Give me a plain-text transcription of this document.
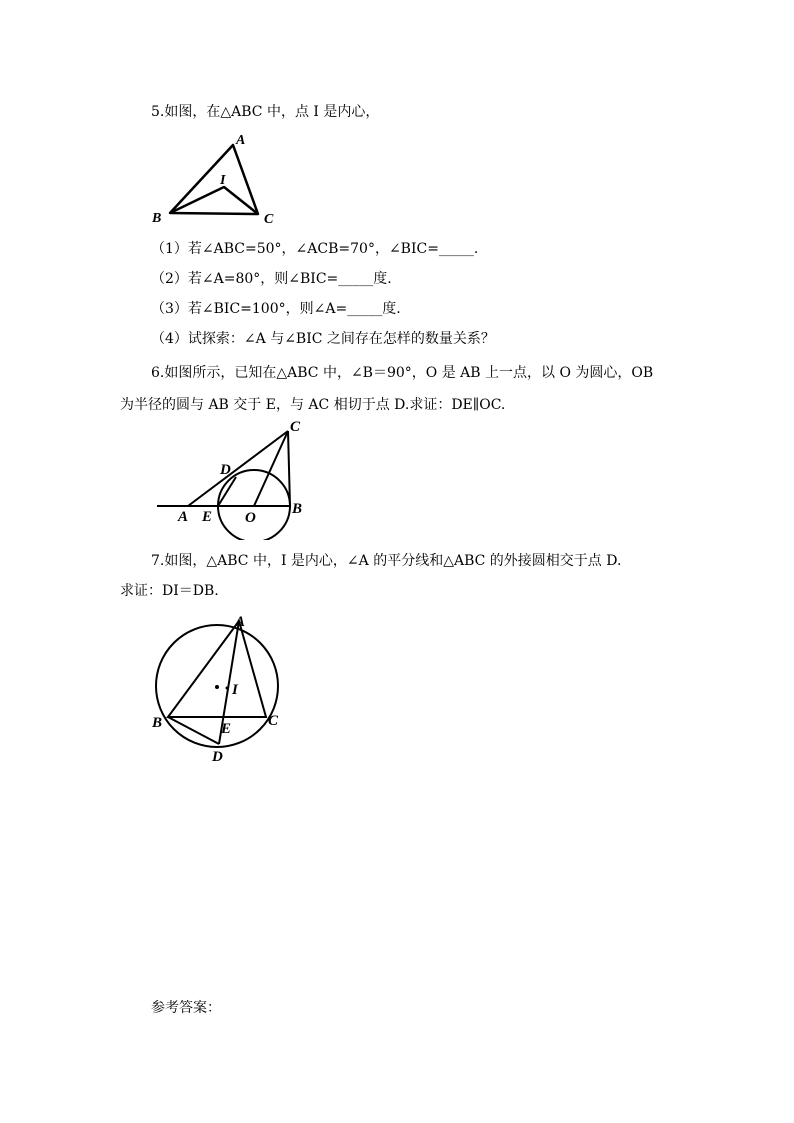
5.如图，在△ABC 中，点 I 是内心，
A
B	C
I
（1）若∠ABC=50°，∠ACB=70°，∠BIC=_____.
（2）若∠A=80°，则∠BIC=_____度.
（3）若∠BIC=100°，则∠A=_____度.
（4）试探索：∠A 与∠BIC 之间存在怎样的数量关系？
6.如图所示，已知在△ABC 中，∠B＝90°，O 是 AB 上一点，以 O 为圆心，OB
为半径的圆与 AB 交于 E，与 AC 相切于点 D.求证：DE∥OC.
C
D
A E O
B
7.如图，△ABC 中，I 是内心，∠A 的平分线和△ABC 的外接圆相交于点 D.
求证：DI＝DB.
A
I
B	C
E
D
参考答案：
